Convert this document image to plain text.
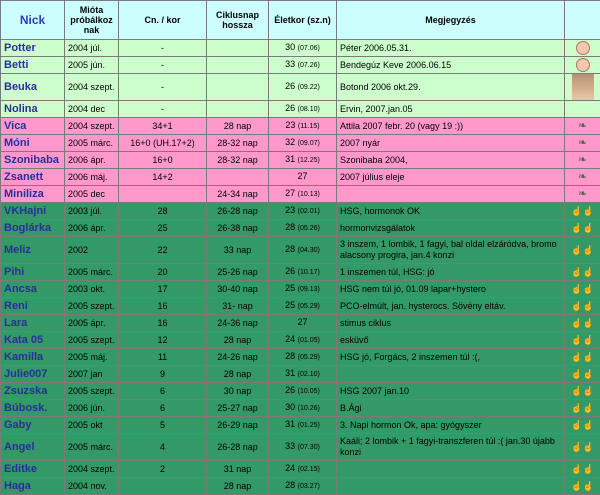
Nick	Mióta próbálkoz nak	Cn. / kor	Ciklusnap hossza	Életkor (sz.n)	Megjegyzés	
Potter	2004 júl.	-		30 (07.06)	Péter 2006.05.31.	
Betti	2005 jún.	-		33 (07.26)	Bendegúz Keve 2006.06.15	
Beuka	2004 szept.	-		26 (09.22)	Botond 2006 okt.29.	
Nolina	2004 dec	-		26 (08.10)	Ervin, 2007.jan.05	
Vica	2004 szept.	34+1	28 nap	23 (11.15)	Attila 2007 febr. 20 (vagy 19 :))	❧
Móni	2005 márc.	16+0 (UH.17+2)	28-32 nap	32 (09.07)	2007 nyár	❧
Szonibaba	2006 ápr.	16+0	28-32 nap	31 (12.25)	Szonibaba 2004,	❧
Zsanett	2006 máj.	14+2		27	2007 július eleje	❧
Miniliza	2005 dec		24-34 nap	27 (10.13)		❧
VKHajni	2003 júl.	28	26-28 nap	23 (02.01)	HSG, hormonok OK	☝☝
Boglárka	2006 ápr.	25	26-38 nap	28 (05.26)	hormonvizsgálatok	☝☝
Meliz	2002	22	33 nap	28 (04.30)	3 inszem, 1 lombik, 1 fagyi, bal oldal elzáródva, bromo alacsony progira, jan.4 konzi	☝☝
Pihi	2005 márc.	20	25-26 nap	26 (10.17)	1 inszemen túl, HSG: jó	☝☝
Ancsa	2003 okt.	17	30-40 nap	25 (09.13)	HSG nem túl jó, 01.09 lapar+hystero	☝☝
Reni	2005 szept.	16	31- nap	25 (05.29)	PCO-elmúlt, jan. hysterocs. Sövény eltáv.	☝☝
Lara	2005 ápr.	16	24-36 nap	27	stimus ciklus	☝☝
Kata 05	2005 szept.	12	28 nap	24 (01.05)	esküvő	☝☝
Kamilla	2005 máj.	11	24-26 nap	28 (05.29)	HSG jó, Forgács, 2 inszemen túl :(,	☝☝
Julie007	2007 jan	9	28 nap	31 (02.10)		☝☝
Zsuzska	2005 szept.	6	30 nap	26 (10.05)	HSG 2007 jan.10	☝☝
Búbosk.	2006 jún.	6	25-27 nap	30 (10.26)	B.Ági	☝☝
Gaby	2005 okt	5	26-29 nap	31 (01.25)	3. Napi hormon Ok, apa: gyógyszer	☝☝
Angel	2005 márc.	4	26-28 nap	33 (07.30)	Kaáli; 2 lombik + 1 fagyi-transzferen túl :( jan.30 újabb konzi	☝☝
Editke	2004 szept.	2	31 nap	24 (02.15)		☝☝
Haga	2004 nov.		28 nap	28 (03.27)		☝☝
